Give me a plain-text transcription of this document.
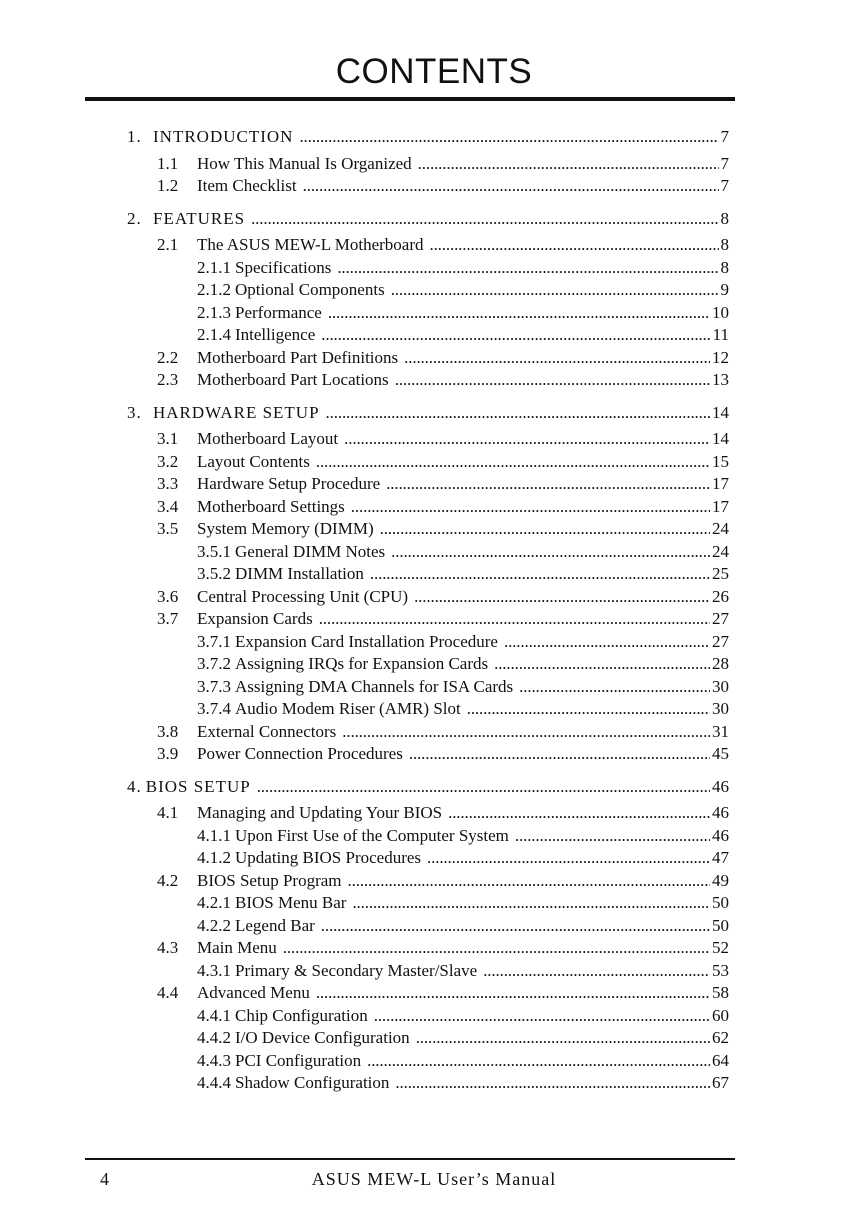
CONTENTS
1. INTRODUCTION . . .	7
1.1	How This Manual Is Organized . . .	7
1.2	Item Checklist . . .	7
2. FEATURES . . .	8
2.1	The ASUS MEW-L Motherboard . . .	8
2.1.1 Specifications . . .	8
2.1.2 Optional Components . . .	9
2.1.3 Performance . . .	10
2.1.4 Intelligence . . .	11
2.2	Motherboard Part Definitions . . .	12
2.3	Motherboard Part Locations . . .	13
3. HARDWARE SETUP . . .	14
3.1	Motherboard Layout . . .	14
3.2	Layout Contents . . .	15
3.3	Hardware Setup Procedure . . .	17
3.4	Motherboard Settings . . .	17
3.5	System Memory (DIMM) . . .	24
3.5.1 General DIMM Notes . . .	24
3.5.2 DIMM Installation . . .	25
3.6	Central Processing Unit (CPU) . . .	26
3.7	Expansion Cards . . .	27
3.7.1 Expansion Card Installation Procedure . . .	27
3.7.2 Assigning IRQs for Expansion Cards . . .	28
3.7.3 Assigning DMA Channels for ISA Cards . . .	30
3.7.4 Audio Modem Riser (AMR) Slot . . .	30
3.8	External Connectors . . .	31
3.9	Power Connection Procedures . . .	45
4. BIOS SETUP . . .	46
4.1	Managing and Updating Your BIOS . . .	46
4.1.1 Upon First Use of the Computer System . . .	46
4.1.2 Updating BIOS Procedures . . .	47
4.2	BIOS Setup Program . . .	49
4.2.1 BIOS Menu Bar . . .	50
4.2.2 Legend Bar . . .	50
4.3	Main Menu . . .	52
4.3.1 Primary & Secondary Master/Slave . . .	53
4.4	Advanced Menu . . .	58
4.4.1 Chip Configuration . . .	60
4.4.2 I/O Device Configuration . . .	62
4.4.3 PCI Configuration . . .	64
4.4.4 Shadow Configuration . . .	67
4	ASUS MEW-L User’s Manual
